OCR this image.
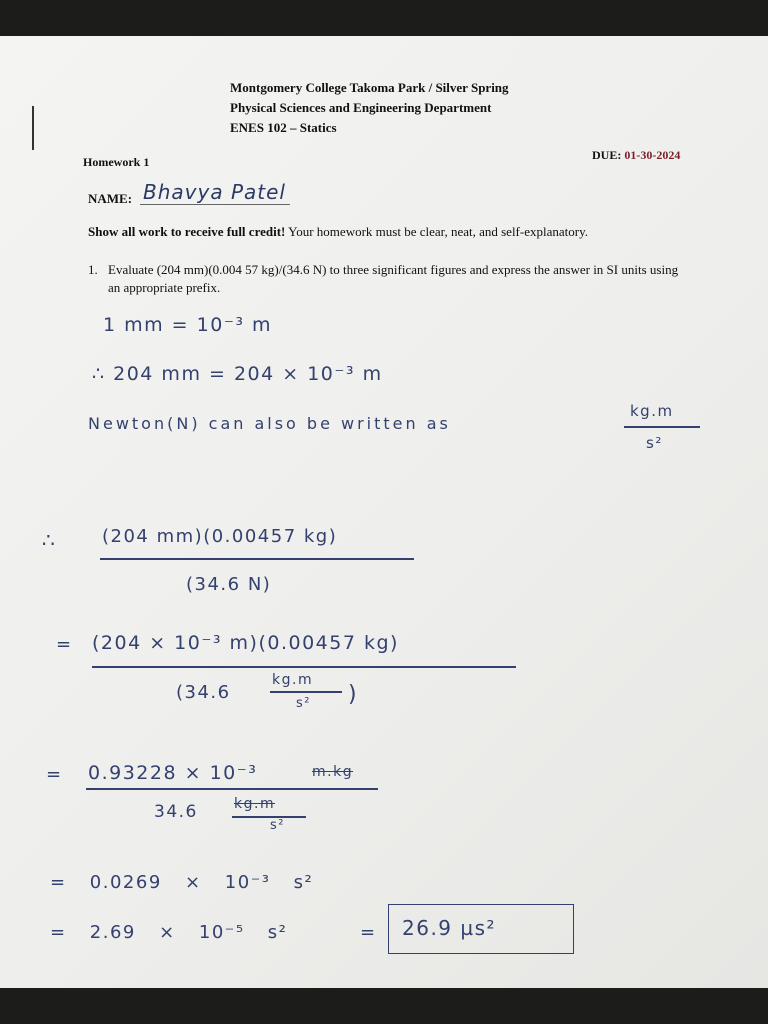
Montgomery College Takoma Park / Silver Spring
Physical Sciences and Engineering Department
ENES 102 – Statics
Homework 1	DUE: 01-30-2024
NAME: Bhavya Patel
Show all work to receive full credit! Your homework must be clear, neat, and self-explanatory.
1. Evaluate (204 mm)(0.004 57 kg)/(34.6 N) to three significant figures and express the answer in SI units using an appropriate prefix.
1 mm = 10⁻³ m
∴ 204 mm = 204 × 10⁻³ m
Newton(N) can also be written as
kg.m
s²
∴	(204 mm)(0.00457 kg)
(34.6 N)
= (204 × 10⁻³ m)(0.00457 kg)
(34.6
kg.m
s² )
= 0.93228 × 10⁻³	m.kg
34.6	kg.m
s²
= 0.0269 × 10⁻³ s²
= 2.69 × 10⁻⁵ s²	= 26.9 µs²
